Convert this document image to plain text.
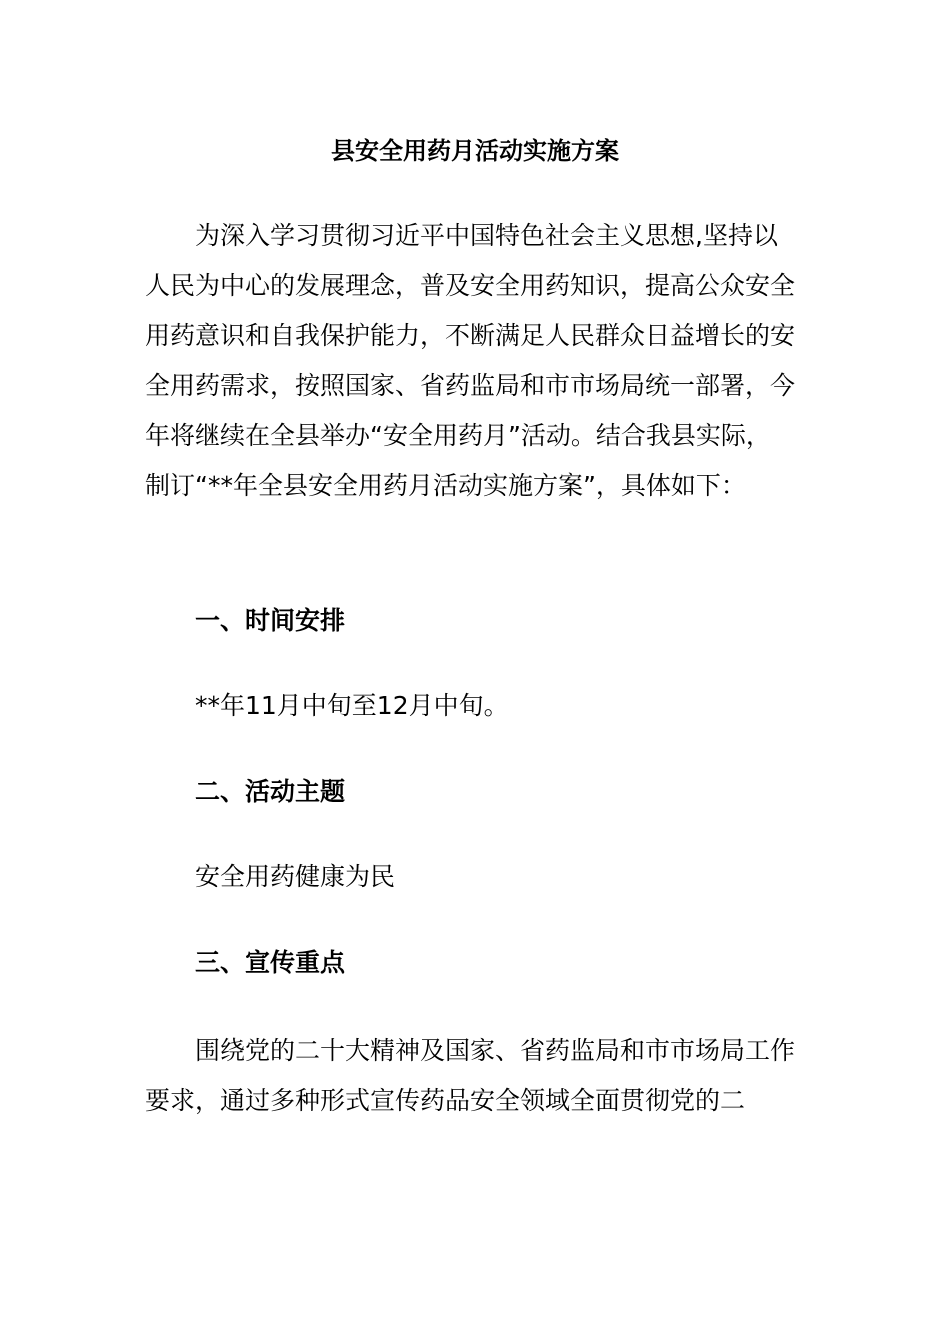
县安全用药月活动实施方案

为深入学习贯彻习近平中国特色社会主义思想,坚持以人民为中心的发展理念，普及安全用药知识，提高公众安全用药意识和自我保护能力，不断满足人民群众日益增长的安全用药需求，按照国家、省药监局和市市场局统一部署，今年将继续在全县举办“安全用药月”活动。结合我县实际，制订“**年全县安全用药月活动实施方案”，具体如下：

一、时间安排

**年11月中旬至12月中旬。

二、活动主题

安全用药健康为民

三、宣传重点

围绕党的二十大精神及国家、省药监局和市市场局工作要求，通过多种形式宣传药品安全领域全面贯彻党的二
